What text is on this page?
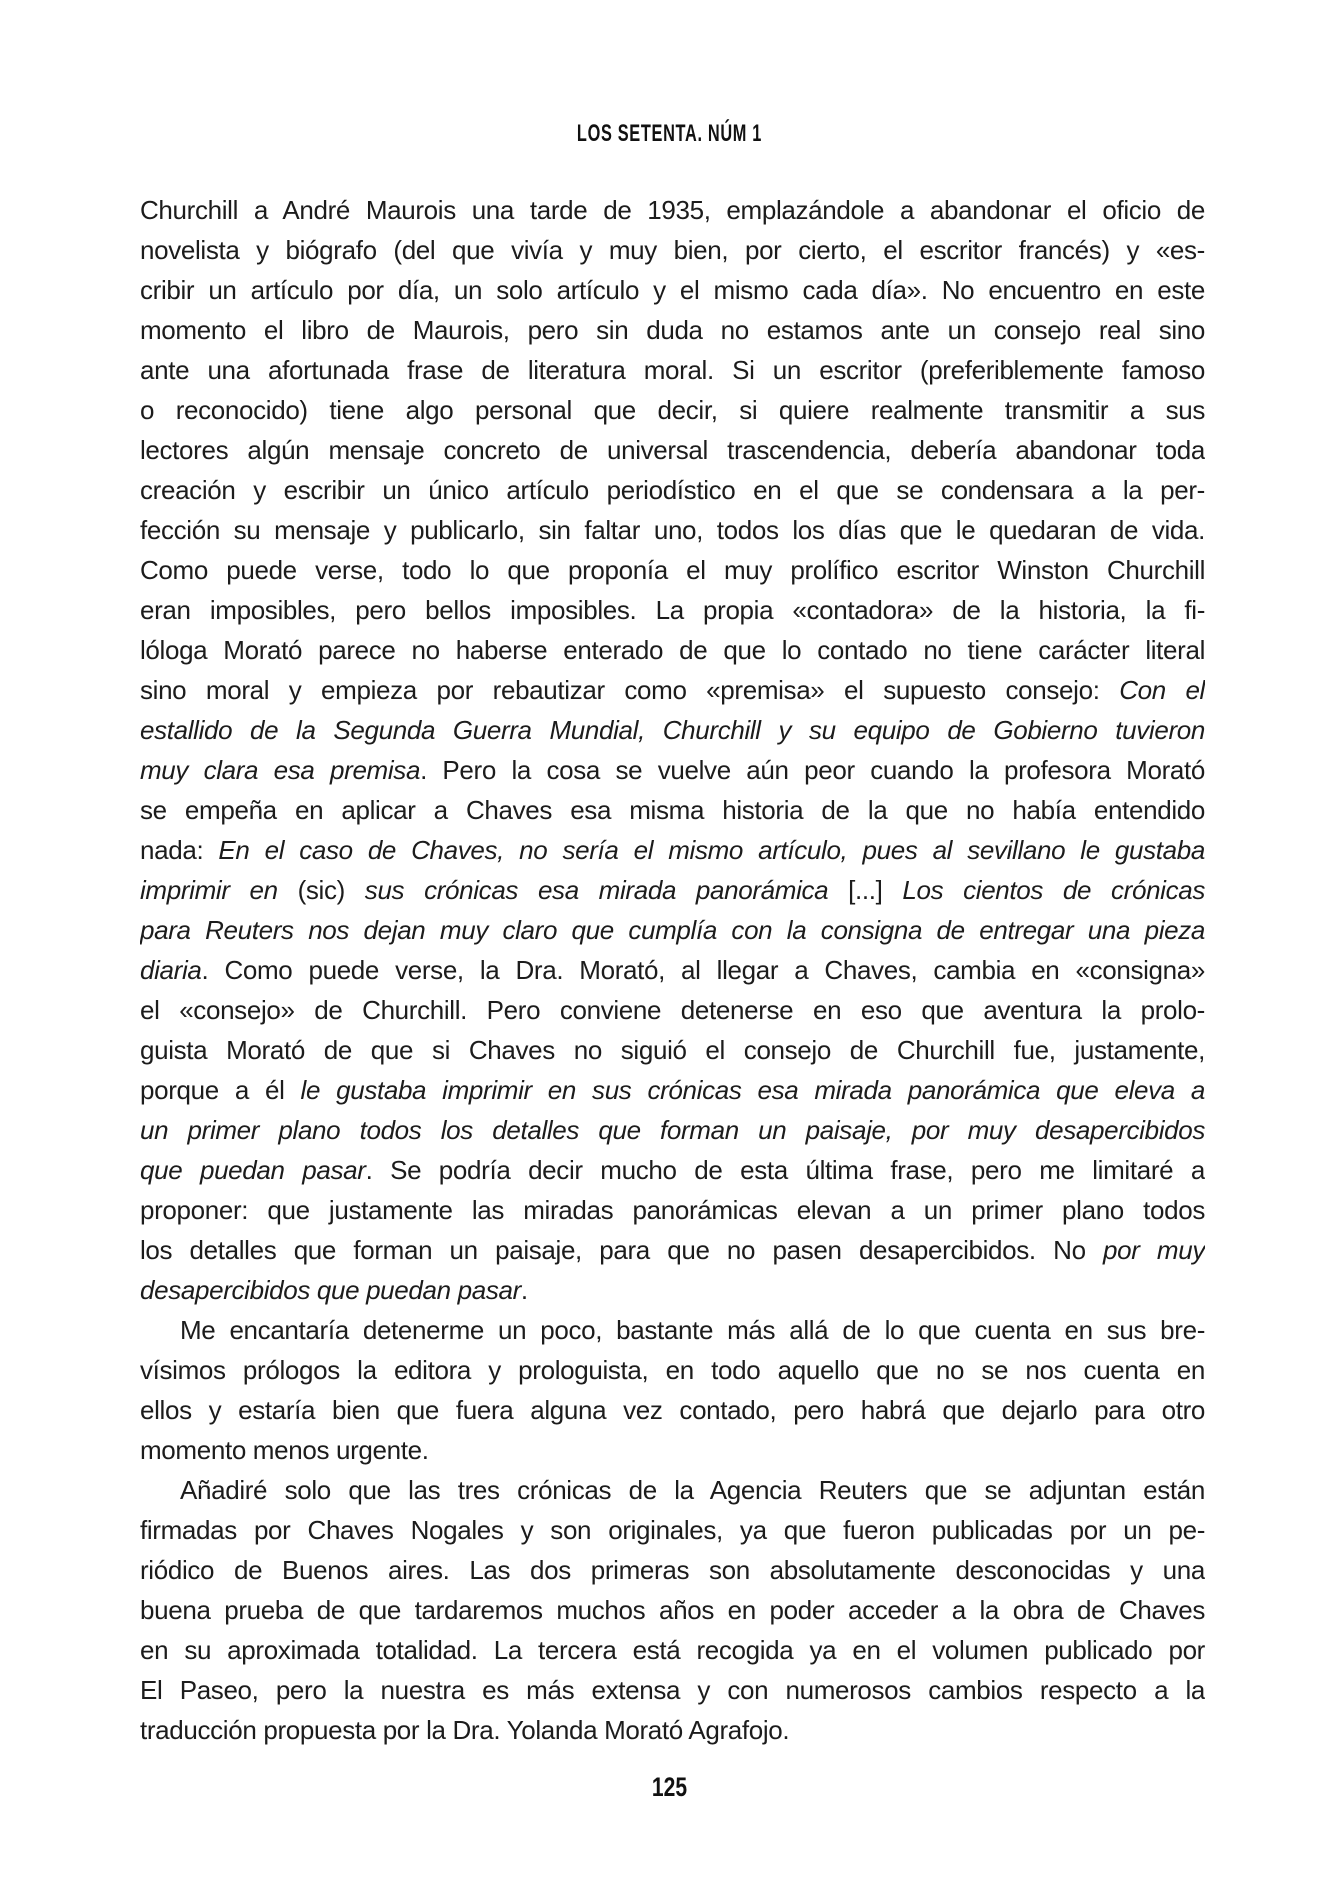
LOS SETENTA. NÚM 1
Churchill a André Maurois una tarde de 1935, emplazándole a abandonar el oficio de
novelista y biógrafo (del que vivía y muy bien, por cierto, el escritor francés) y «es-
cribir un artículo por día, un solo artículo y el mismo cada día». No encuentro en este
momento el libro de Maurois, pero sin duda no estamos ante un consejo real sino
ante una afortunada frase de literatura moral. Si un escritor (preferiblemente famoso
o reconocido) tiene algo personal que decir, si quiere realmente transmitir a sus
lectores algún mensaje concreto de universal trascendencia, debería abandonar toda
creación y escribir un único artículo periodístico en el que se condensara a la per-
fección su mensaje y publicarlo, sin faltar uno, todos los días que le quedaran de vida.
Como puede verse, todo lo que proponía el muy prolífico escritor Winston Churchill
eran imposibles, pero bellos imposibles. La propia «contadora» de la historia, la fi-
lóloga Morató parece no haberse enterado de que lo contado no tiene carácter literal
sino moral y empieza por rebautizar como «premisa» el supuesto consejo: Con el
estallido de la Segunda Guerra Mundial, Churchill y su equipo de Gobierno tuvieron
muy clara esa premisa. Pero la cosa se vuelve aún peor cuando la profesora Morató
se empeña en aplicar a Chaves esa misma historia de la que no había entendido
nada: En el caso de Chaves, no sería el mismo artículo, pues al sevillano le gustaba
imprimir en (sic) sus crónicas esa mirada panorámica [...] Los cientos de crónicas
para Reuters nos dejan muy claro que cumplía con la consigna de entregar una pieza
diaria. Como puede verse, la Dra. Morató, al llegar a Chaves, cambia en «consigna»
el «consejo» de Churchill. Pero conviene detenerse en eso que aventura la prolo-
guista Morató de que si Chaves no siguió el consejo de Churchill fue, justamente,
porque a él le gustaba imprimir en sus crónicas esa mirada panorámica que eleva a
un primer plano todos los detalles que forman un paisaje, por muy desapercibidos
que puedan pasar. Se podría decir mucho de esta última frase, pero me limitaré a
proponer: que justamente las miradas panorámicas elevan a un primer plano todos
los detalles que forman un paisaje, para que no pasen desapercibidos. No por muy
desapercibidos que puedan pasar.
Me encantaría detenerme un poco, bastante más allá de lo que cuenta en sus bre-
vísimos prólogos la editora y prologuista, en todo aquello que no se nos cuenta en
ellos y estaría bien que fuera alguna vez contado, pero habrá que dejarlo para otro
momento menos urgente.
Añadiré solo que las tres crónicas de la Agencia Reuters que se adjuntan están
firmadas por Chaves Nogales y son originales, ya que fueron publicadas por un pe-
riódico de Buenos aires. Las dos primeras son absolutamente desconocidas y una
buena prueba de que tardaremos muchos años en poder acceder a la obra de Chaves
en su aproximada totalidad. La tercera está recogida ya en el volumen publicado por
El Paseo, pero la nuestra es más extensa y con numerosos cambios respecto a la
traducción propuesta por la Dra. Yolanda Morató Agrafojo.
125
